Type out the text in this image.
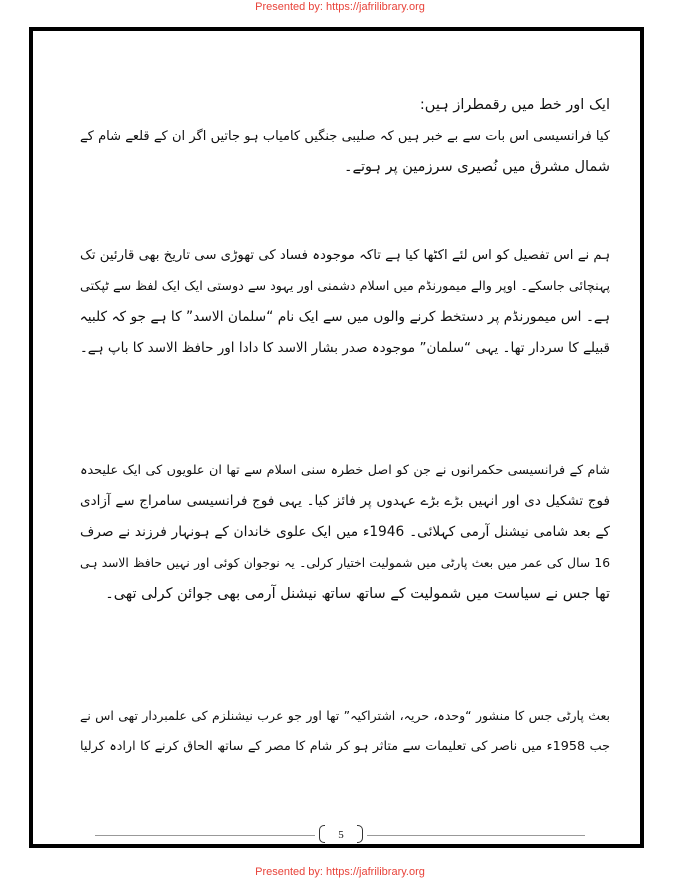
Presented by: https://jafrilibrary.org

ایک اور خط میں رقمطراز ہیں:
کیا فرانسیسی اس بات سے بے خبر ہیں کہ صلیبی جنگیں کامیاب ہو جاتیں اگر ان کے قلعے شام کے
شمال مشرق میں نُصیری سرزمین پر ہوتے۔
ہم نے اس تفصیل کو اس لئے اکٹھا کیا ہے تاکہ موجودہ فساد کی تھوڑی سی تاریخ بھی قارئین تک
پہنچائی جاسکے۔ اوپر والے میمورنڈم میں اسلام دشمنی اور یہود سے دوستی ایک ایک لفظ سے ٹپکتی
ہے۔ اس میمورنڈم پر دستخط کرنے والوں میں سے ایک نام “سلمان الاسد” کا ہے جو کہ کلبیہ
قبیلے کا سردار تھا۔ یہی “سلمان” موجودہ صدر بشار الاسد کا دادا اور حافظ الاسد کا باپ ہے۔
شام کے فرانسیسی حکمرانوں نے جن کو اصل خطرہ سنی اسلام سے تھا ان علویوں کی ایک علیحدہ
فوج تشکیل دی اور انہیں بڑے بڑے عہدوں پر فائز کیا۔ یہی فوج فرانسیسی سامراج سے آزادی
کے بعد شامی نیشنل آرمی کہلائی۔ 1946ء میں ایک علوی خاندان کے ہونہار فرزند نے صرف
16 سال کی عمر میں بعث پارٹی میں شمولیت اختیار کرلی۔ یہ نوجوان کوئی اور نہیں حافظ الاسد ہی
تھا جس نے سیاست میں شمولیت کے ساتھ ساتھ نیشنل آرمی بھی جوائن کرلی تھی۔
بعث پارٹی جس کا منشور “وحدہ، حریہ، اشتراکیہ” تھا اور جو عرب نیشنلزم کی علمبردار تھی اس نے
جب 1958ء میں ناصر کی تعلیمات سے متاثر ہو کر شام کا مصر کے ساتھ الحاق کرنے کا ارادہ کرلیا
5

Presented by: https://jafrilibrary.org
